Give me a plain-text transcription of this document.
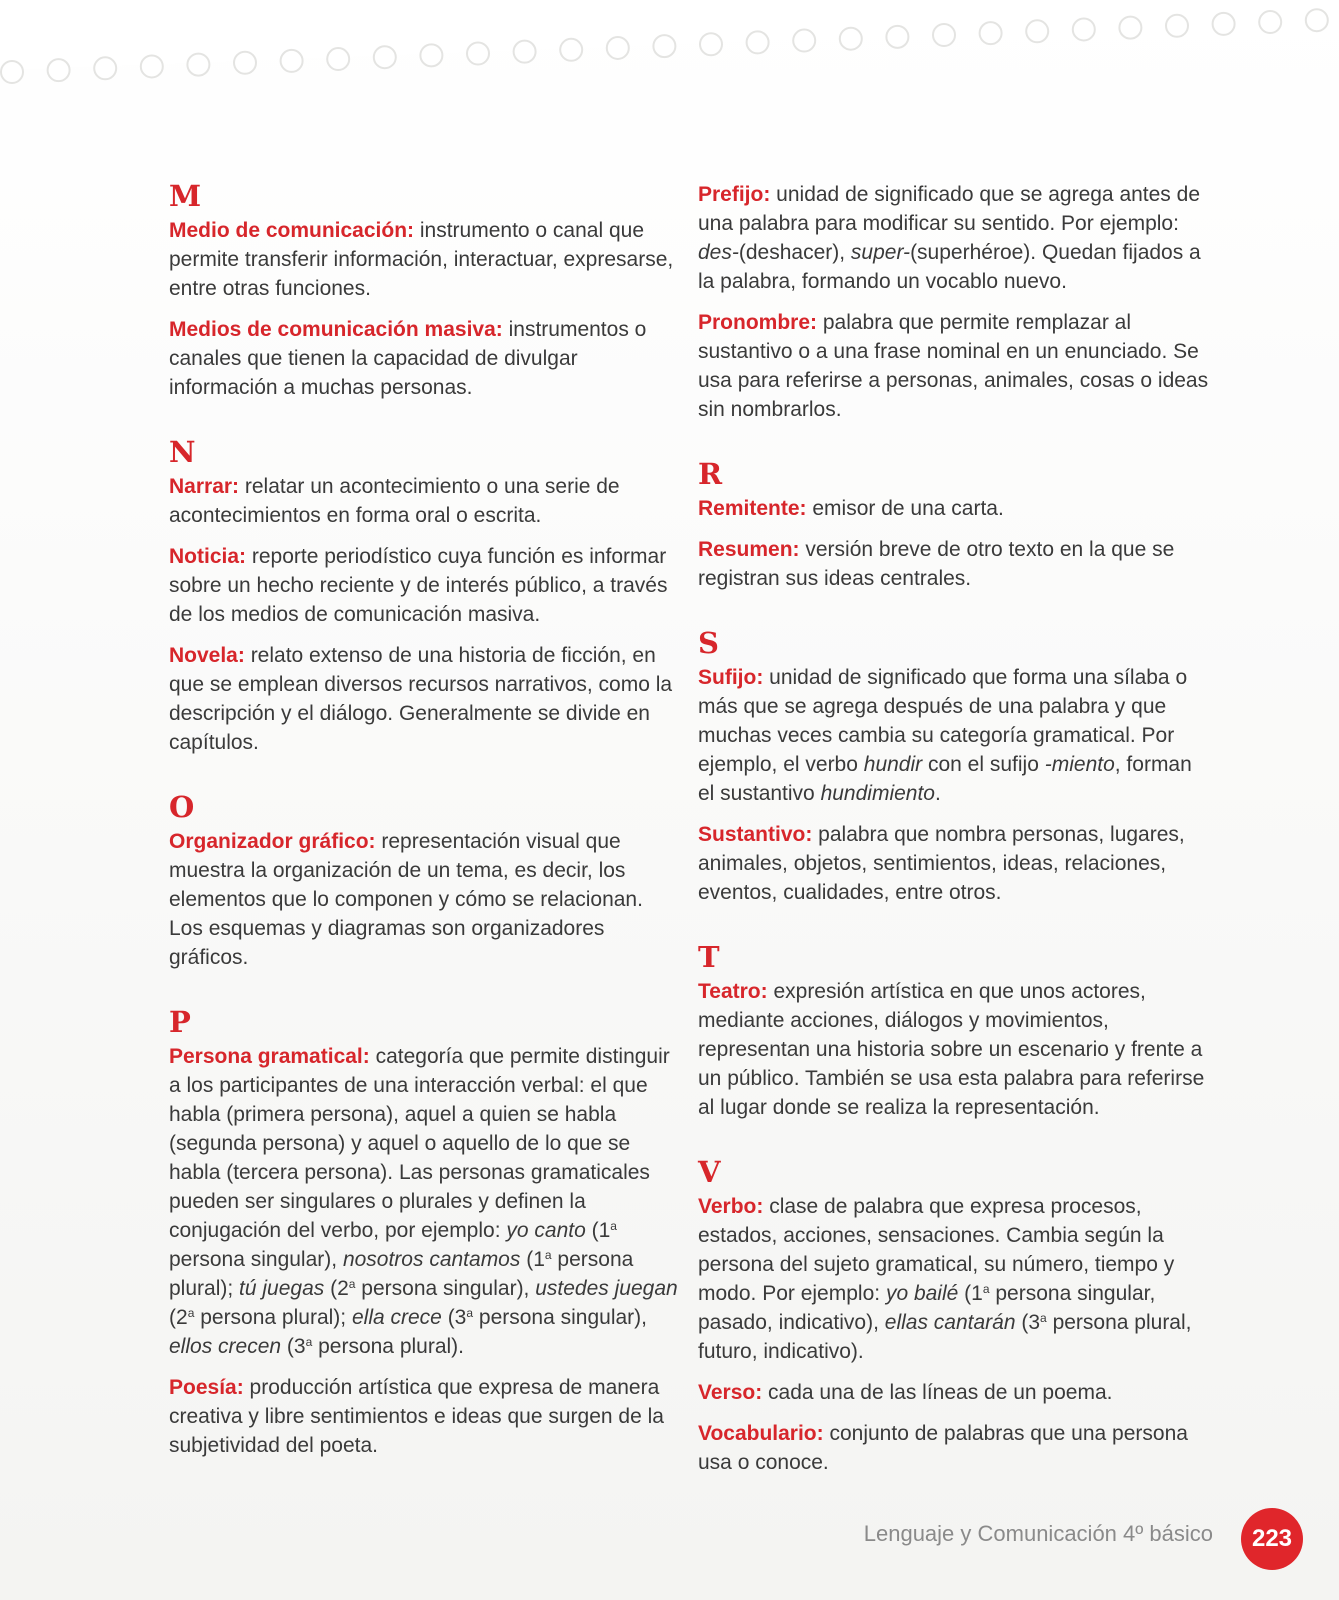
M

Medio de comunicación: instrumento o canal que permite transferir información, interactuar, expresarse, entre otras funciones.

Medios de comunicación masiva: instrumentos o canales que tienen la capacidad de divulgar información a muchas personas.

N

Narrar: relatar un acontecimiento o una serie de acontecimientos en forma oral o escrita.

Noticia: reporte periodístico cuya función es informar sobre un hecho reciente y de interés público, a través de los medios de comunicación masiva.

Novela: relato extenso de una historia de ficción, en que se emplean diversos recursos narrativos, como la descripción y el diálogo. Generalmente se divide en capítulos.

O

Organizador gráfico: representación visual que muestra la organización de un tema, es decir, los elementos que lo componen y cómo se relacionan. Los esquemas y diagramas son organizadores gráficos.

P

Persona gramatical: categoría que permite distinguir a los participantes de una interacción verbal: el que habla (primera persona), aquel a quien se habla (segunda persona) y aquel o aquello de lo que se habla (tercera persona). Las personas gramaticales pueden ser singulares o plurales y definen la conjugación del verbo, por ejemplo: yo canto (1$^a$ persona singular), nosotros cantamos (1$^a$ persona plural); tú juegas (2$^a$ persona singular), ustedes juegan (2$^a$ persona plural); ella crece (3$^a$ persona singular), ellos crecen (3$^a$ persona plural).

Poesía: producción artística que expresa de manera creativa y libre sentimientos e ideas que surgen de la subjetividad del poeta.

Prefijo: unidad de significado que se agrega antes de una palabra para modificar su sentido. Por ejemplo: des-(deshacer), super-(superhéroe). Quedan fijados a la palabra, formando un vocablo nuevo.

Pronombre: palabra que permite remplazar al sustantivo o a una frase nominal en un enunciado. Se usa para referirse a personas, animales, cosas o ideas sin nombrarlos.

R

Remitente: emisor de una carta.

Resumen: versión breve de otro texto en la que se registran sus ideas centrales.

S

Sufijo: unidad de significado que forma una sílaba o más que se agrega después de una palabra y que muchas veces cambia su categoría gramatical. Por ejemplo, el verbo hundir con el sufijo -miento, forman el sustantivo hundimiento.

Sustantivo: palabra que nombra personas, lugares, animales, objetos, sentimientos, ideas, relaciones, eventos, cualidades, entre otros.

T

Teatro: expresión artística en que unos actores, mediante acciones, diálogos y movimientos, representan una historia sobre un escenario y frente a un público. También se usa esta palabra para referirse al lugar donde se realiza la representación.

V

Verbo: clase de palabra que expresa procesos, estados, acciones, sensaciones. Cambia según la persona del sujeto gramatical, su número, tiempo y modo. Por ejemplo: yo bailé (1$^a$ persona singular, pasado, indicativo), ellas cantarán (3$^a$ persona plural, futuro, indicativo).

Verso: cada una de las líneas de un poema.

Vocabulario: conjunto de palabras que una persona usa o conoce.

Lenguaje y Comunicación 4º básico	223
